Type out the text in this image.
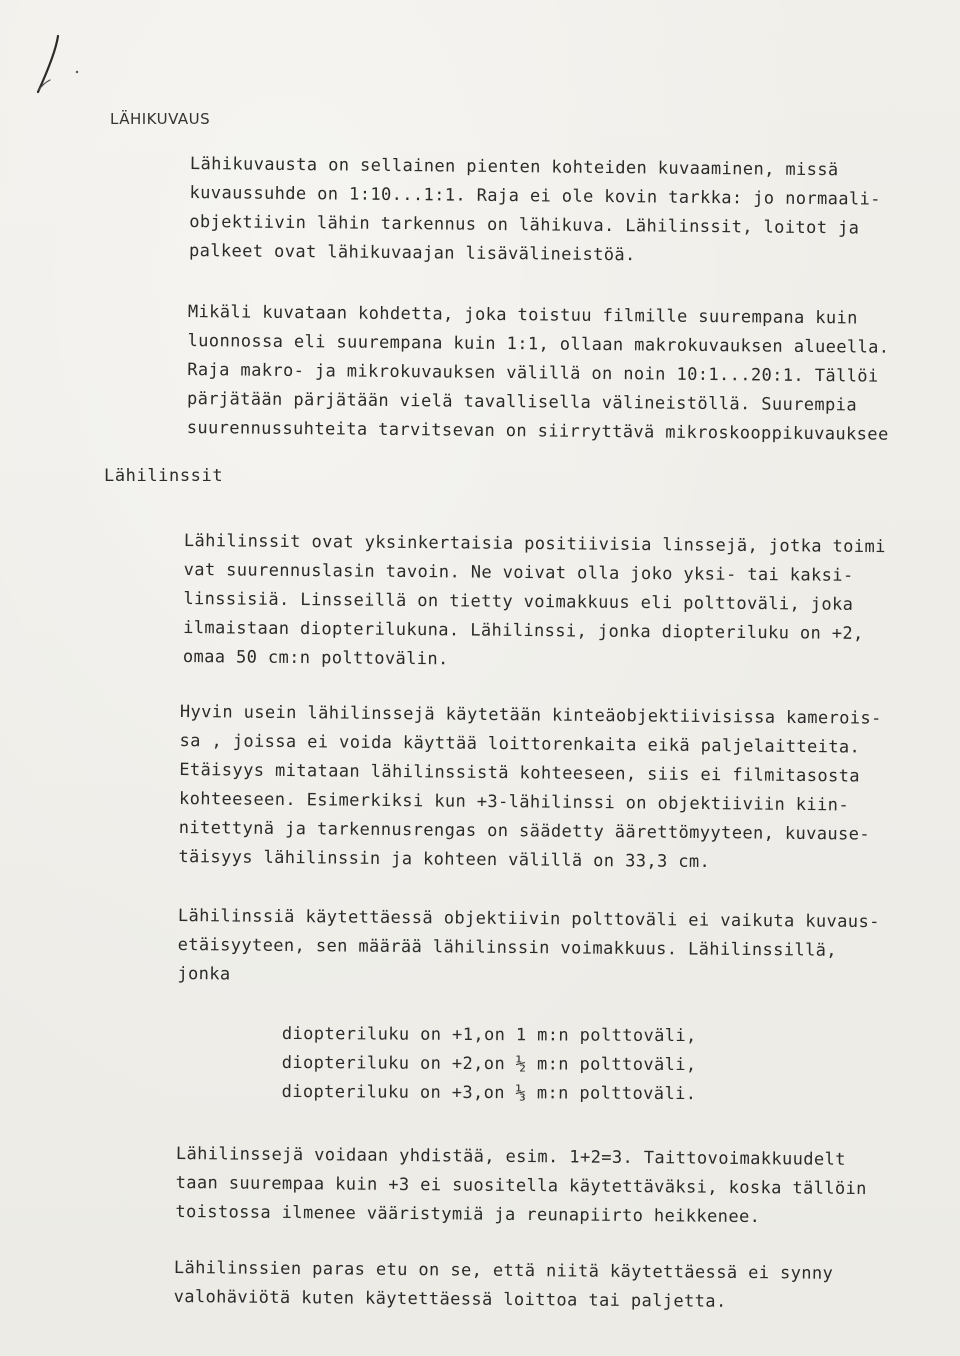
LÄHIKUVAUS
Lähikuvausta on sellainen pienten kohteiden kuvaaminen, missä
kuvaussuhde on 1:10...1:1. Raja ei ole kovin tarkka: jo normaali-
objektiivin lähin tarkennus on lähikuva. Lähilinssit, loitot ja
palkeet ovat lähikuvaajan lisävälineistöä.
Mikäli kuvataan kohdetta, joka toistuu filmille suurempana kuin
luonnossa eli suurempana kuin 1:1, ollaan makrokuvauksen alueella.
Raja makro- ja mikrokuvauksen välillä on noin 10:1...20:1. Tällöi
pärjätään pärjätään vielä tavallisella välineistöllä. Suurempia
suurennussuhteita tarvitsevan on siirryttävä mikroskooppikuvauksee
Lähilinssit
Lähilinssit ovat yksinkertaisia positiivisia linssejä, jotka toimi
vat suurennuslasin tavoin. Ne voivat olla joko yksi- tai kaksi-
linssisiä. Linsseillä on tietty voimakkuus eli polttoväli, joka
ilmaistaan diopterilukuna. Lähilinssi, jonka diopteriluku on +2,
omaa 50 cm:n polttovälin.
Hyvin usein lähilinssejä käytetään kinteäobjektiivisissa kamerois-
sa , joissa ei voida käyttää loittorenkaita eikä paljelaitteita.
Etäisyys mitataan lähilinssistä kohteeseen, siis ei filmitasosta
kohteeseen. Esimerkiksi kun +3-lähilinssi on objektiiviin kiin-
nitettynä ja tarkennusrengas on säädetty äärettömyyteen, kuvause-
täisyys lähilinssin ja kohteen välillä on 33,3 cm.
Lähilinssiä käytettäessä objektiivin polttoväli ei vaikuta kuvaus-
etäisyyteen, sen määrää lähilinssin voimakkuus. Lähilinssillä,
jonka
diopteriluku on +1,on 1 m:n polttoväli,
diopteriluku on +2,on ½ m:n polttoväli,
diopteriluku on +3,on ⅓ m:n polttoväli.
Lähilinssejä voidaan yhdistää, esim. 1+2=3. Taittovoimakkuudelt
taan suurempaa kuin +3 ei suositella käytettäväksi, koska tällöin
toistossa ilmenee vääristymiä ja reunapiirto heikkenee.
Lähilinssien paras etu on se, että niitä käytettäessä ei synny
valohäviötä kuten käytettäessä loittoa tai paljetta.
